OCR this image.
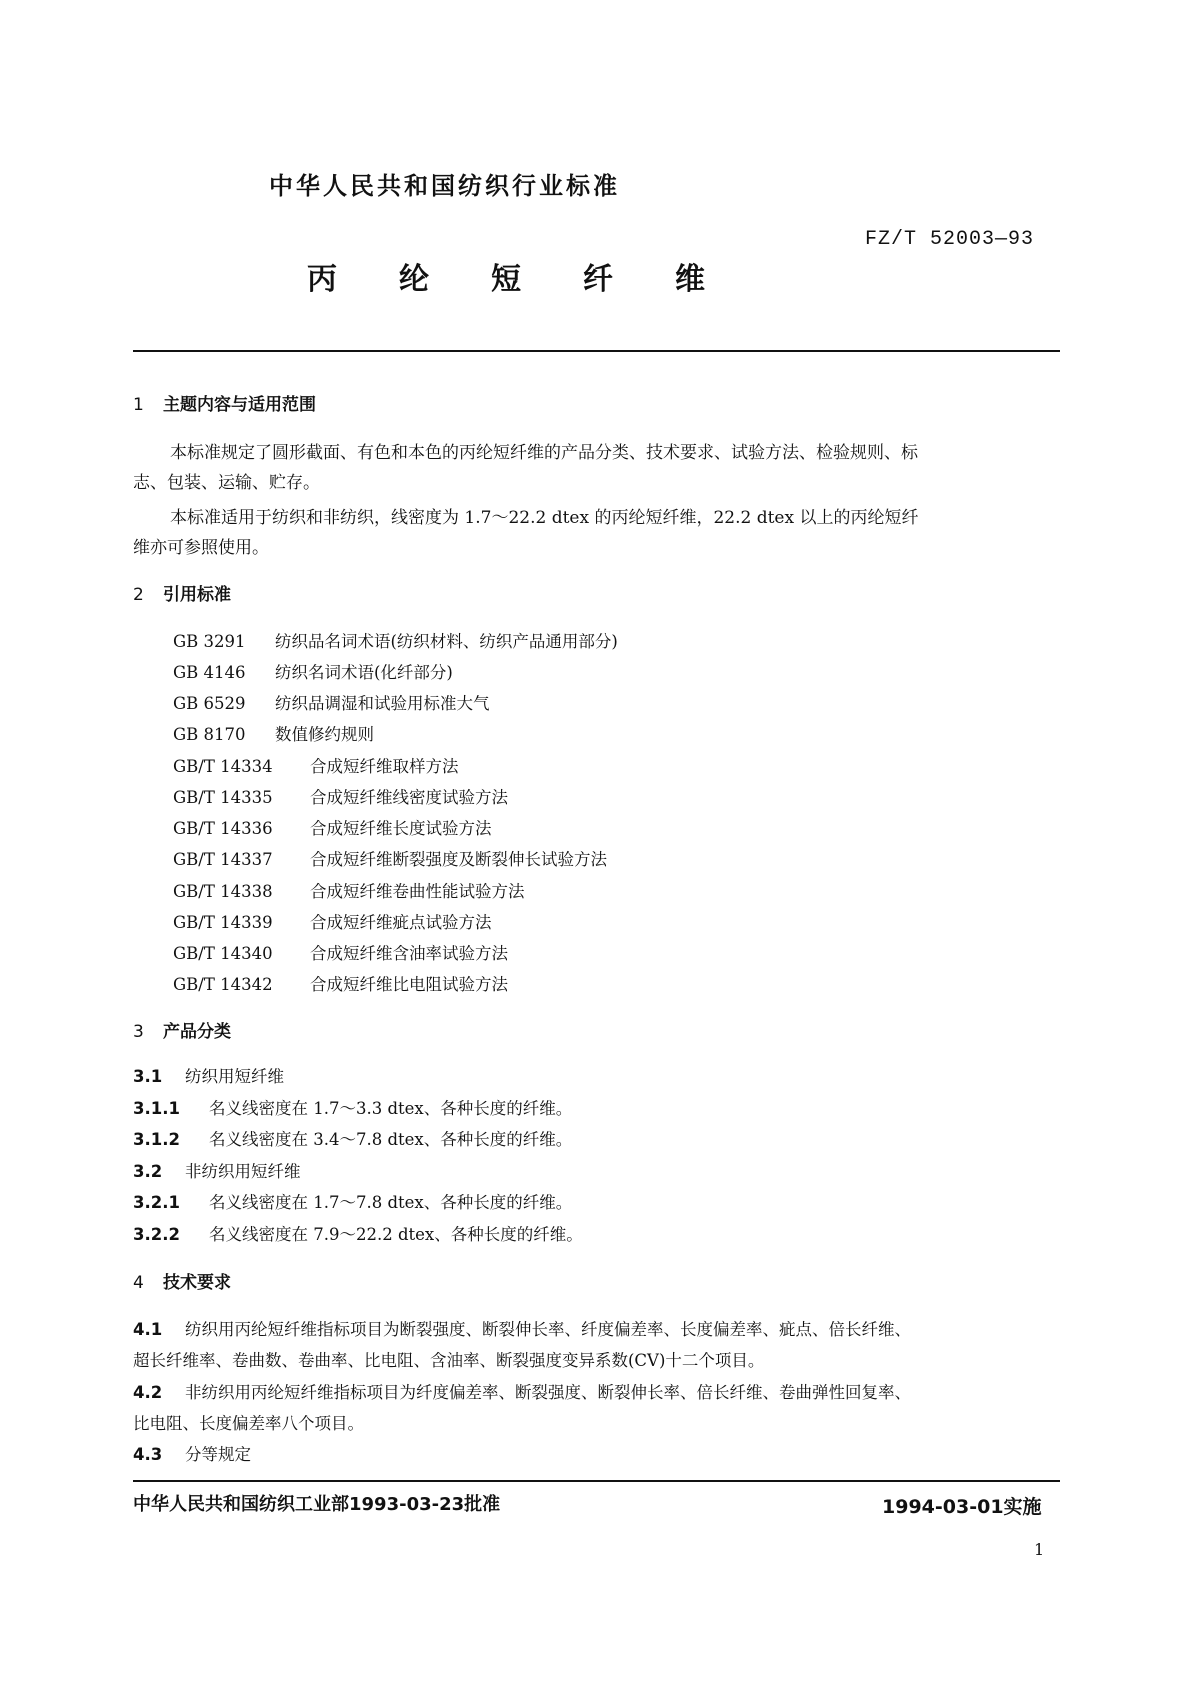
中华人民共和国纺织行业标准
FZ/T 52003—93
丙 纶 短 纤 维
1 主题内容与适用范围
本标准规定了圆形截面、有色和本色的丙纶短纤维的产品分类、技术要求、试验方法、检验规则、标
志、包装、运输、贮存。
本标准适用于纺织和非纺织，线密度为 1.7～22.2 dtex 的丙纶短纤维，22.2 dtex 以上的丙纶短纤
维亦可参照使用。
2 引用标准
GB 3291 纺织品名词术语(纺织材料、纺织产品通用部分)
GB 4146 纺织名词术语(化纤部分)
GB 6529 纺织品调湿和试验用标准大气
GB 8170 数值修约规则
GB/T 14334 合成短纤维取样方法
GB/T 14335 合成短纤维线密度试验方法
GB/T 14336 合成短纤维长度试验方法
GB/T 14337 合成短纤维断裂强度及断裂伸长试验方法
GB/T 14338 合成短纤维卷曲性能试验方法
GB/T 14339 合成短纤维疵点试验方法
GB/T 14340 合成短纤维含油率试验方法
GB/T 14342 合成短纤维比电阻试验方法
3 产品分类
3.1 纺织用短纤维
3.1.1 名义线密度在 1.7～3.3 dtex、各种长度的纤维。
3.1.2 名义线密度在 3.4～7.8 dtex、各种长度的纤维。
3.2 非纺织用短纤维
3.2.1 名义线密度在 1.7～7.8 dtex、各种长度的纤维。
3.2.2 名义线密度在 7.9～22.2 dtex、各种长度的纤维。
4 技术要求
4.1 纺织用丙纶短纤维指标项目为断裂强度、断裂伸长率、纤度偏差率、长度偏差率、疵点、倍长纤维、
超长纤维率、卷曲数、卷曲率、比电阻、含油率、断裂强度变异系数(CV)十二个项目。
4.2 非纺织用丙纶短纤维指标项目为纤度偏差率、断裂强度、断裂伸长率、倍长纤维、卷曲弹性回复率、
比电阻、长度偏差率八个项目。
4.3 分等规定
中华人民共和国纺织工业部1993-03-23批准	1994-03-01实施
1
